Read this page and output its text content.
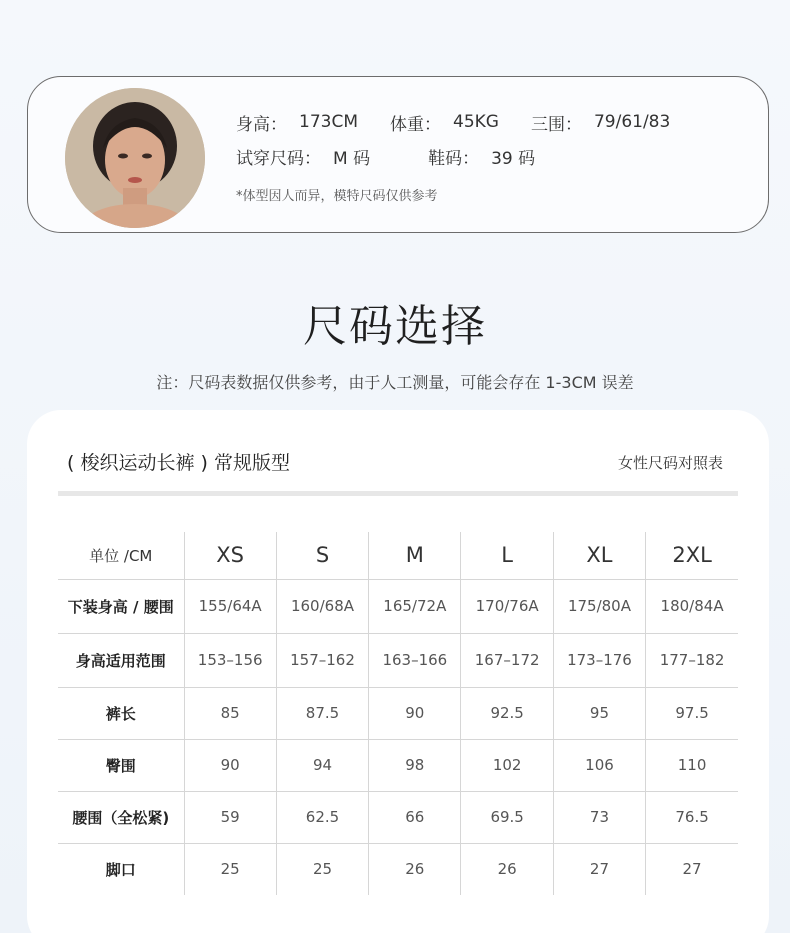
身高： 173CM 体重： 45KG 三围： 79/61/83
试穿尺码： M 码	鞋码： 39 码
*体型因人而异，模特尺码仅供参考
尺码选择
注：尺码表数据仅供参考，由于人工测量，可能会存在 1-3CM 误差
( 梭织运动长裤 ) 常规版型	女性尺码对照表
单位 /CM	XS	S	M	L	XL	2XL
下装身高 / 腰围	155/64A	160/68A	165/72A	170/76A	175/80A	180/84A
身高适用范围	153–156	157–162	163–166	167–172	173–176	177–182
裤长	85	87.5	90	92.5	95	97.5
臀围	90	94	98	102	106	110
腰围（全松紧)	59	62.5	66	69.5	73	76.5
脚口	25	25	26	26	27	27
